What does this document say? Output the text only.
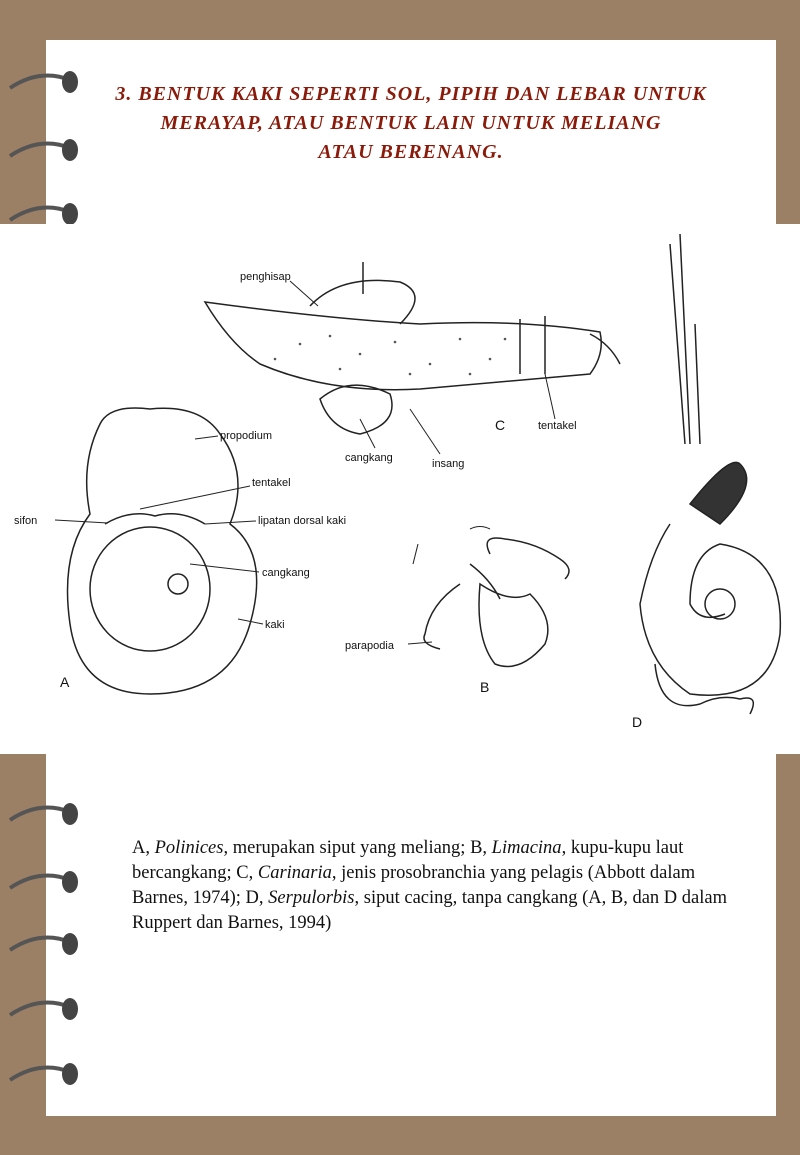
3. BENTUK KAKI SEPERTI SOL, PIPIH DAN LEBAR UNTUK
MERAYAP, ATAU BENTUK LAIN UNTUK MELIANG
ATAU BERENANG.
penghisap
propodium
tentakel
sifon	lipatan dorsal kaki
cangkang
kaki
cangkang	insang
tentakel
parapodia
A	B
C
D
A, Polinices, merupakan siput yang meliang; B, Limacina, kupu-kupu laut bercangkang; C, Carinaria, jenis prosobranchia yang pelagis (Abbott dalam Barnes, 1974); D, Serpulorbis, siput cacing, tanpa cangkang (A, B, dan D dalam Ruppert dan Barnes, 1994)
